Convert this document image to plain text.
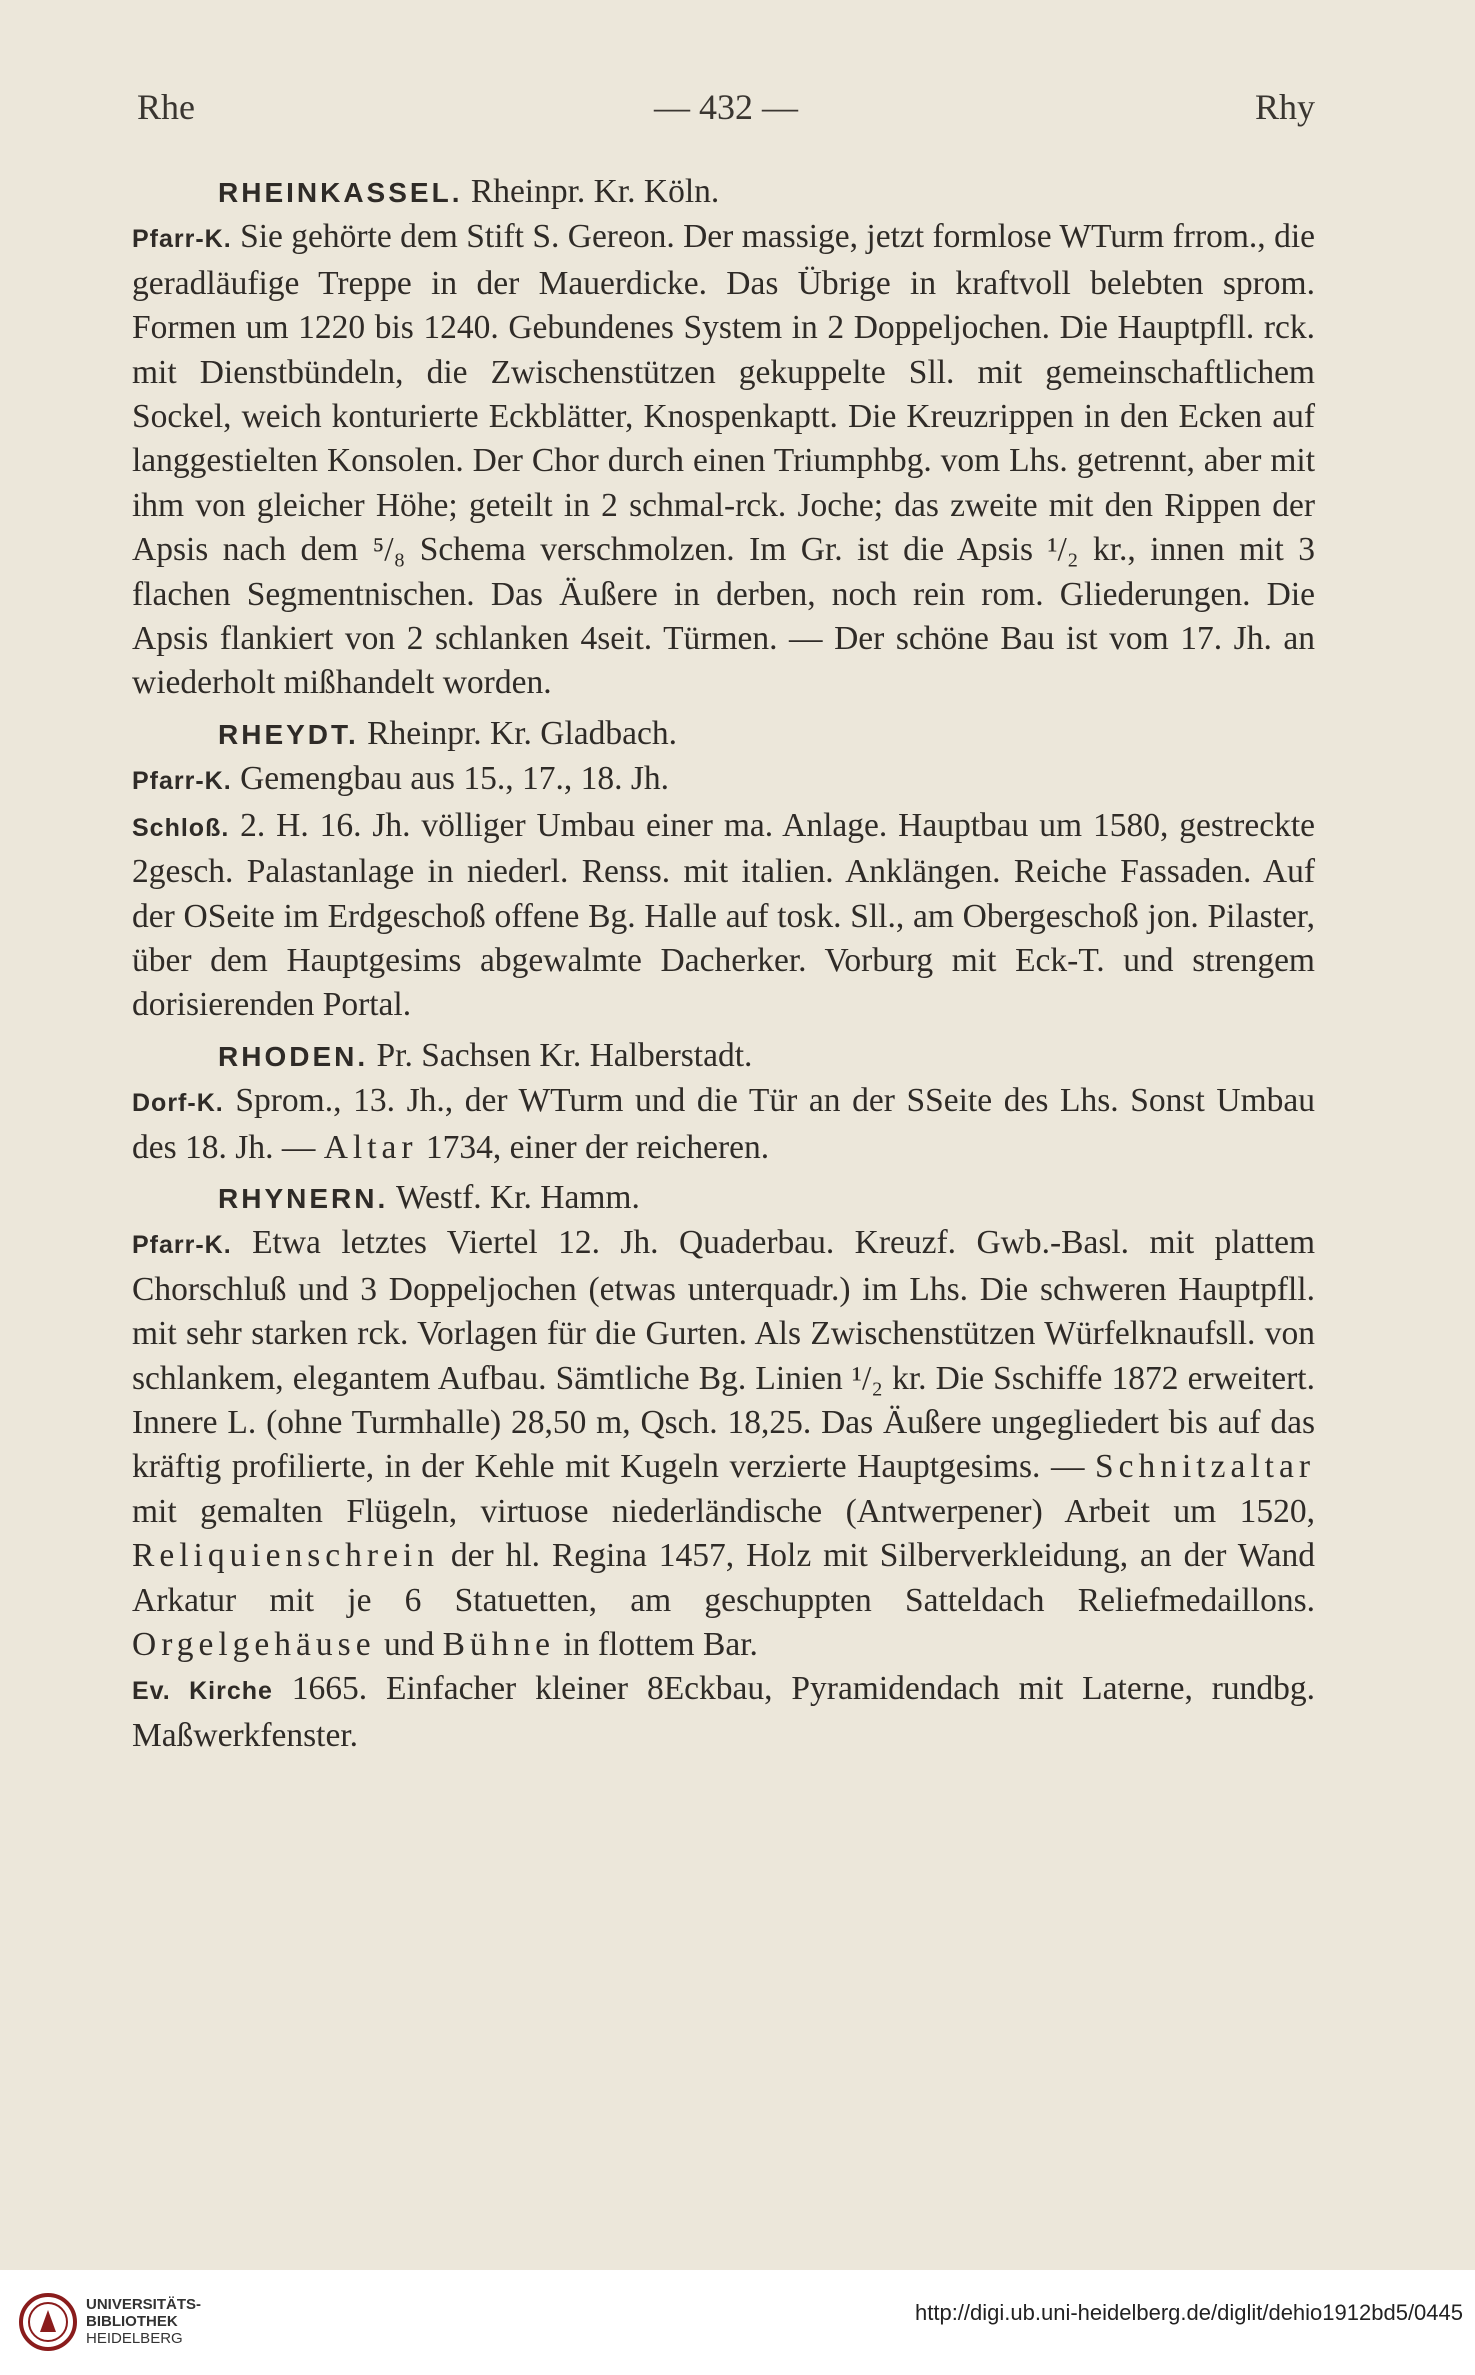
Rhe	— 432 —	Rhy

RHEINKASSEL. Rheinpr. Kr. Köln.

Pfarr-K. Sie gehörte dem Stift S. Gereon. Der massige, jetzt formlose WTurm frrom., die geradläufige Treppe in der Mauerdicke. Das Übrige in kraftvoll belebten sprom. Formen um 1220 bis 1240. Gebundenes System in 2 Doppeljochen. Die Hauptpfll. rck. mit Dienstbündeln, die Zwischenstützen gekuppelte Sll. mit gemeinschaftlichem Sockel, weich konturierte Eckblätter, Knospenkaptt. Die Kreuzrippen in den Ecken auf langgestielten Konsolen. Der Chor durch einen Triumphbg. vom Lhs. getrennt, aber mit ihm von gleicher Höhe; geteilt in 2 schmal-rck. Joche; das zweite mit den Rippen der Apsis nach dem ⁵/₈ Schema verschmolzen. Im Gr. ist die Apsis ¹/₂ kr., innen mit 3 flachen Segmentnischen. Das Äußere in derben, noch rein rom. Gliederungen. Die Apsis flankiert von 2 schlanken 4seit. Türmen. — Der schöne Bau ist vom 17. Jh. an wiederholt mißhandelt worden.

RHEYDT. Rheinpr. Kr. Gladbach.

Pfarr-K. Gemengbau aus 15., 17., 18. Jh.

Schloß. 2. H. 16. Jh. völliger Umbau einer ma. Anlage. Hauptbau um 1580, gestreckte 2gesch. Palastanlage in niederl. Renss. mit italien. Anklängen. Reiche Fassaden. Auf der OSeite im Erdgeschoß offene Bg. Halle auf tosk. Sll., am Obergeschoß jon. Pilaster, über dem Hauptgesims abgewalmte Dacherker. Vorburg mit Eck-T. und strengem dorisierenden Portal.

RHODEN. Pr. Sachsen Kr. Halberstadt.

Dorf-K. Sprom., 13. Jh., der WTurm und die Tür an der SSeite des Lhs. Sonst Umbau des 18. Jh. — Altar 1734, einer der reicheren.

RHYNERN. Westf. Kr. Hamm.

Pfarr-K. Etwa letztes Viertel 12. Jh. Quaderbau. Kreuzf. Gwb.-Basl. mit plattem Chorschluß und 3 Doppeljochen (etwas unterquadr.) im Lhs. Die schweren Hauptpfll. mit sehr starken rck. Vorlagen für die Gurten. Als Zwischenstützen Würfelknaufsll. von schlankem, elegantem Aufbau. Sämtliche Bg. Linien ¹/₂ kr. Die Sschiffe 1872 erweitert. Innere L. (ohne Turmhalle) 28,50 m, Qsch. 18,25. Das Äußere ungegliedert bis auf das kräftig profilierte, in der Kehle mit Kugeln verzierte Hauptgesims. — Schnitzaltar mit gemalten Flügeln, virtuose niederländische (Antwerpener) Arbeit um 1520, Reliquienschrein der hl. Regina 1457, Holz mit Silberverkleidung, an der Wand Arkatur mit je 6 Statuetten, am geschuppten Satteldach Reliefmedaillons. Orgelgehäuse und Bühne in flottem Bar.

Ev. Kirche 1665. Einfacher kleiner 8Eckbau, Pyramidendach mit Laterne, rundbg. Maßwerkfenster.

UNIVERSITÄTS-
BIBLIOTHEK
HEIDELBERG
http://digi.ub.uni-heidelberg.de/diglit/dehio1912bd5/0445
